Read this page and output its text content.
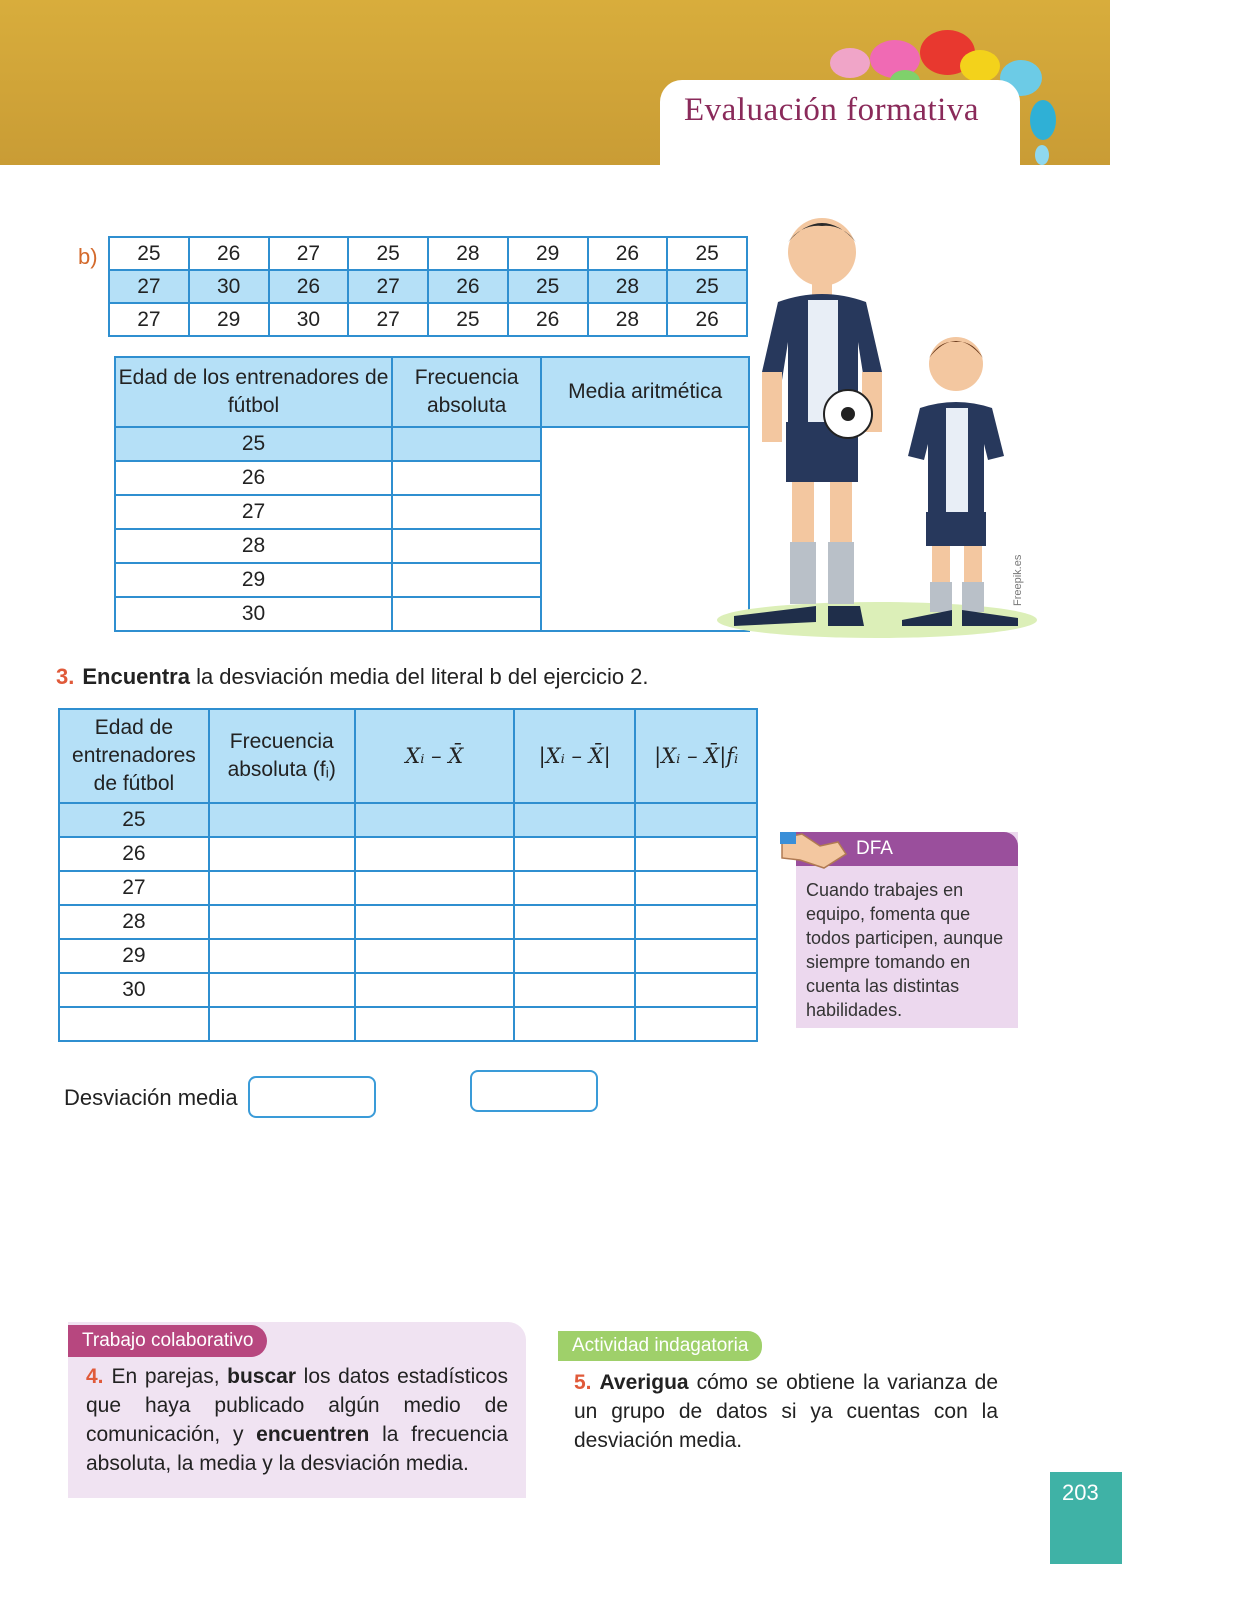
Evaluación formativa
b) 25	26	27	25	28	29	26	25
27	30	26	27	26	25	28	25
27	29	30	27	25	26	28	26
Edad de los entrenadores de fútbol	Frecuencia absoluta	Media aritmética
25		
26		
27		
28		
29		
30		
Freepik.es
3. Encuentra la desviación media del literal b del ejercicio 2.
Edad de entrenadores de fútbol	Frecuencia absoluta (fᵢ)	Xᵢ – X̄	|Xᵢ – X̄|	|Xᵢ – X̄|fᵢ
25				
26				
27				
28				
29				
30				

Desviación media
DFA
Cuando trabajes en equipo, fomenta que todos participen, aunque siempre tomando en cuenta las distintas habilidades.
Trabajo colaborativo
4. En parejas, buscar los datos estadísticos que haya publicado algún medio de comunicación, y encuentren la frecuencia absoluta, la media y la desviación media.
Actividad indagatoria
5. Averigua cómo se obtiene la varianza de un grupo de datos si ya cuentas con la desviación media.
203
